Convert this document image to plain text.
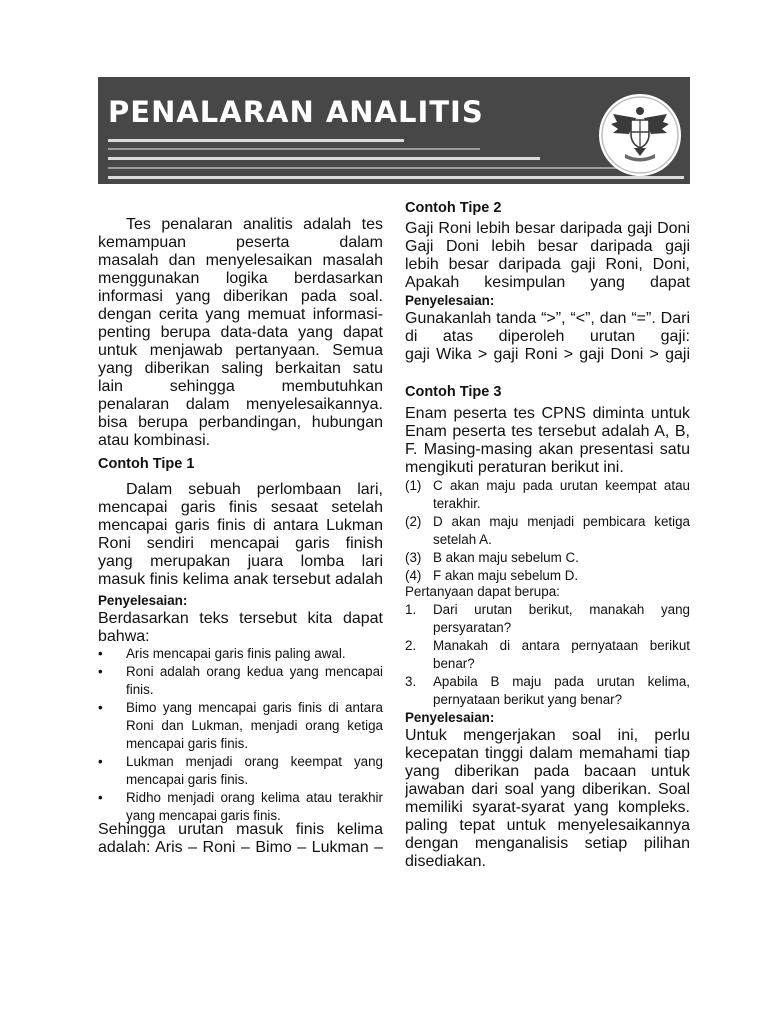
PENALARAN ANALITIS
Tes penalaran analitis adalah tes
kemampuan peserta dalam
masalah dan menyelesaikan masalah
menggunakan logika berdasarkan
informasi yang diberikan pada soal.
dengan cerita yang memuat informasi-
penting berupa data-data yang dapat
untuk menjawab pertanyaan. Semua
yang diberikan saling berkaitan satu
lain sehingga membutuhkan
penalaran dalam menyelesaikannya.
bisa berupa perbandingan, hubungan
atau kombinasi.
Contoh Tipe 1
Dalam sebuah perlombaan lari,
mencapai garis finis sesaat setelah
mencapai garis finis di antara Lukman
Roni sendiri mencapai garis finish
yang merupakan juara lomba lari
masuk finis kelima anak tersebut adalah
Penyelesaian:
Berdasarkan teks tersebut kita dapat
bahwa:
• Aris mencapai garis finis paling awal.
• Roni adalah orang kedua yang mencapai
finis.
• Bimo yang mencapai garis finis di antara
Roni dan Lukman, menjadi orang ketiga
mencapai garis finis.
• Lukman menjadi orang keempat yang
mencapai garis finis.
• Ridho menjadi orang kelima atau terakhir
yang mencapai garis finis.
Sehingga urutan masuk finis kelima
adalah: Aris – Roni – Bimo – Lukman –
Contoh Tipe 2
Gaji Roni lebih besar daripada gaji Doni
Gaji Doni lebih besar daripada gaji
lebih besar daripada gaji Roni, Doni,
Apakah kesimpulan yang dapat
Penyelesaian:
Gunakanlah tanda “>”, “<”, dan “=”. Dari
di atas diperoleh urutan gaji:
gaji Wika > gaji Roni > gaji Doni > gaji
Contoh Tipe 3
Enam peserta tes CPNS diminta untuk
Enam peserta tes tersebut adalah A, B,
F. Masing-masing akan presentasi satu
mengikuti peraturan berikut ini.
(1) C akan maju pada urutan keempat atau
terakhir.
(2) D akan maju menjadi pembicara ketiga
setelah A.
(3) B akan maju sebelum C.
(4) F akan maju sebelum D.
Pertanyaan dapat berupa:
1. Dari urutan berikut, manakah yang
persyaratan?
2. Manakah di antara pernyataan berikut
benar?
3. Apabila B maju pada urutan kelima,
pernyataan berikut yang benar?
Penyelesaian:
Untuk mengerjakan soal ini, perlu
kecepatan tinggi dalam memahami tiap
yang diberikan pada bacaan untuk
jawaban dari soal yang diberikan. Soal
memiliki syarat-syarat yang kompleks.
paling tepat untuk menyelesaikannya
dengan menganalisis setiap pilihan
disediakan.
